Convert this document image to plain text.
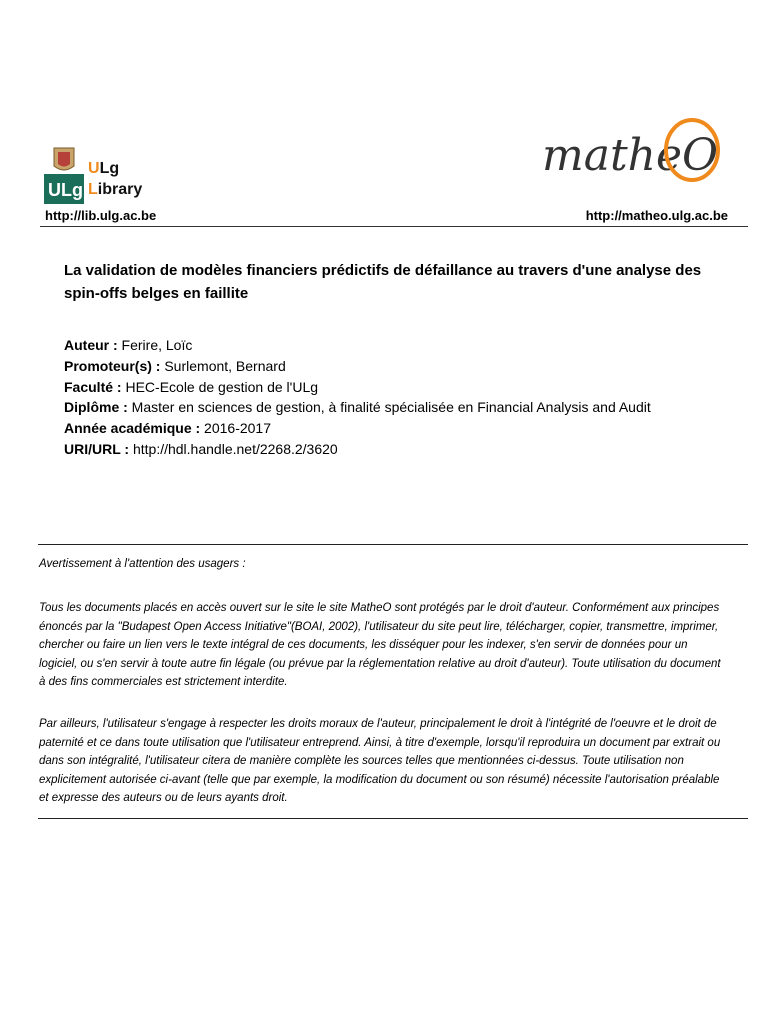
ULg
ULg
Library
matheO
http://lib.ulg.ac.be	http://matheo.ulg.ac.be
La validation de modèles financiers prédictifs de défaillance au travers d'une analyse des spin-offs belges en faillite
Auteur : Ferire, Loïc
Promoteur(s) : Surlemont, Bernard
Faculté : HEC-Ecole de gestion de l'ULg
Diplôme : Master en sciences de gestion, à finalité spécialisée en Financial Analysis and Audit
Année académique : 2016-2017
URI/URL : http://hdl.handle.net/2268.2/3620
Avertissement à l'attention des usagers :

Tous les documents placés en accès ouvert sur le site le site MatheO sont protégés par le droit d'auteur. Conformément aux principes énoncés par la "Budapest Open Access Initiative"(BOAI, 2002), l'utilisateur du site peut lire, télécharger, copier, transmettre, imprimer, chercher ou faire un lien vers le texte intégral de ces documents, les disséquer pour les indexer, s'en servir de données pour un logiciel, ou s'en servir à toute autre fin légale (ou prévue par la réglementation relative au droit d'auteur). Toute utilisation du document à des fins commerciales est strictement interdite.

Par ailleurs, l'utilisateur s'engage à respecter les droits moraux de l'auteur, principalement le droit à l'intégrité de l'oeuvre et le droit de paternité et ce dans toute utilisation que l'utilisateur entreprend. Ainsi, à titre d'exemple, lorsqu'il reproduira un document par extrait ou dans son intégralité, l'utilisateur citera de manière complète les sources telles que mentionnées ci-dessus. Toute utilisation non explicitement autorisée ci-avant (telle que par exemple, la modification du document ou son résumé) nécessite l'autorisation préalable et expresse des auteurs ou de leurs ayants droit.
